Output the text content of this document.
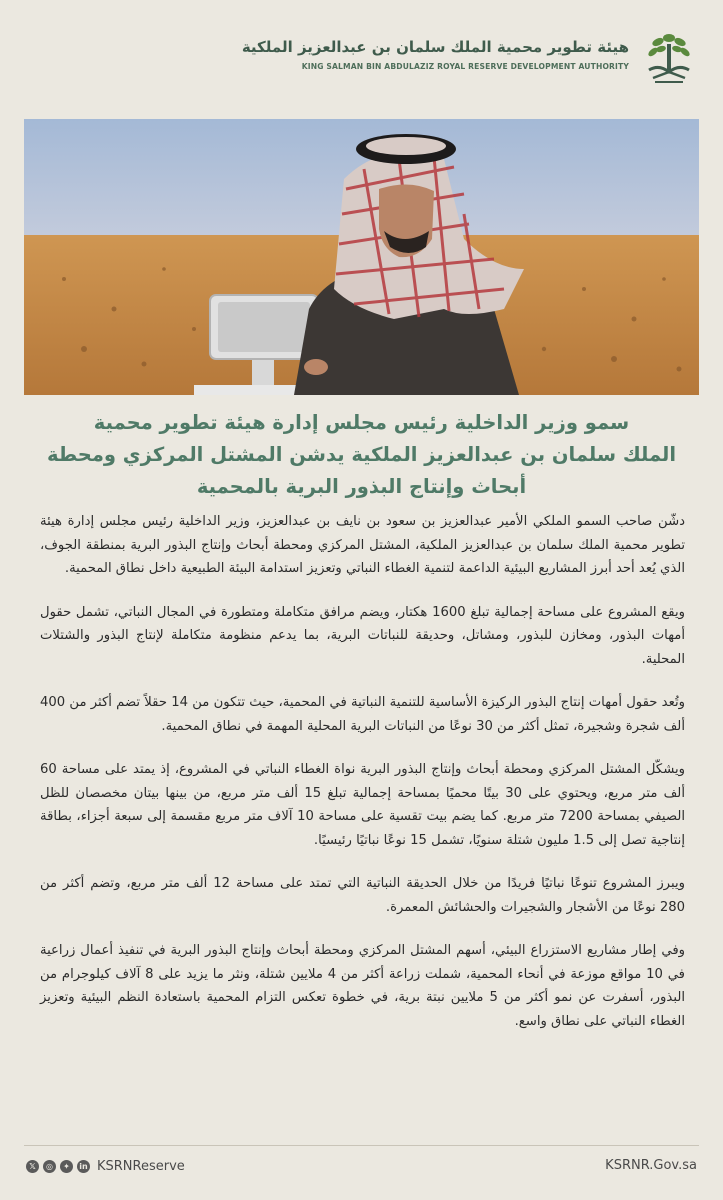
هيئة تطوير محمية الملك سلمان بن عبدالعزيز الملكية
KING SALMAN BIN ABDULAZIZ ROYAL RESERVE DEVELOPMENT AUTHORITY
سمو وزير الداخلية رئيس مجلس إدارة هيئة تطوير محمية
الملك سلمان بن عبدالعزيز الملكية يدشن المشتل المركزي ومحطة
أبحاث وإنتاج البذور البرية بالمحمية

دشّن صاحب السمو الملكي الأمير عبدالعزيز بن سعود بن نايف بن عبدالعزيز، وزير الداخلية رئيس مجلس إدارة هيئة تطوير محمية الملك سلمان بن عبدالعزيز الملكية، المشتل المركزي ومحطة أبحاث وإنتاج البذور البرية بمنطقة الجوف، الذي يُعد أحد أبرز المشاريع البيئية الداعمة لتنمية الغطاء النباتي وتعزيز استدامة البيئة الطبيعية داخل نطاق المحمية.

ويقع المشروع على مساحة إجمالية تبلغ 1600 هكتار، ويضم مرافق متكاملة ومتطورة في المجال النباتي، تشمل حقول أمهات البذور، ومخازن للبذور، ومشاتل، وحديقة للنباتات البرية، بما يدعم منظومة متكاملة لإنتاج البذور والشتلات المحلية.

وتُعد حقول أمهات إنتاج البذور الركيزة الأساسية للتنمية النباتية في المحمية، حيث تتكون من 14 حقلاً تضم أكثر من 400 ألف شجرة وشجيرة، تمثل أكثر من 30 نوعًا من النباتات البرية المحلية المهمة في نطاق المحمية.

ويشكّل المشتل المركزي ومحطة أبحاث وإنتاج البذور البرية نواة الغطاء النباتي في المشروع، إذ يمتد على مساحة 60 ألف متر مربع، ويحتوي على 30 بيتًا محميًا بمساحة إجمالية تبلغ 15 ألف متر مربع، من بينها بيتان مخصصان للظل الصيفي بمساحة 7200 متر مربع. كما يضم بيت تقسية على مساحة 10 آلاف متر مربع مقسمة إلى سبعة أجزاء، بطاقة إنتاجية تصل إلى 1.5 مليون شتلة سنويًا، تشمل 15 نوعًا نباتيًا رئيسيًا.

ويبرز المشروع تنوعًا نباتيًا فريدًا من خلال الحديقة النباتية التي تمتد على مساحة 12 ألف متر مربع، وتضم أكثر من 280 نوعًا من الأشجار والشجيرات والحشائش المعمرة.

وفي إطار مشاريع الاستزراع البيئي، أسهم المشتل المركزي ومحطة أبحاث وإنتاج البذور البرية في تنفيذ أعمال زراعية في 10 مواقع موزعة في أنحاء المحمية، شملت زراعة أكثر من 4 ملايين شتلة، ونثر ما يزيد على 8 آلاف كيلوجرام من البذور، أسفرت عن نمو أكثر من 5 ملايين نبتة برية، في خطوة تعكس التزام المحمية باستعادة النظم البيئية وتعزيز الغطاء النباتي على نطاق واسع.

𝕏	◎	✦	in KSRNReserve	KSRNR.Gov.sa
